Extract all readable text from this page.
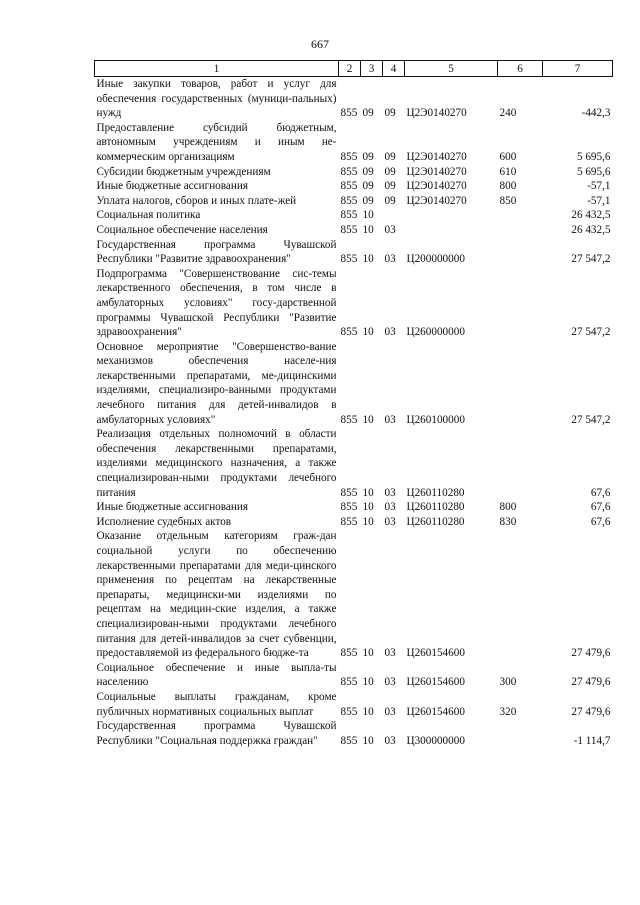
667
1	2	3	4	5	6	7
Иные закупки товаров, работ и услуг для обеспечения государственных (муници-пальных) нужд	855	09	09	Ц2Э0140270	240	-442,3
Предоставление субсидий бюджетным, автономным учреждениям и иным не-коммерческим организациям	855	09	09	Ц2Э0140270	600	5 695,6
Субсидии бюджетным учреждениям	855	09	09	Ц2Э0140270	610	5 695,6
Иные бюджетные ассигнования	855	09	09	Ц2Э0140270	800	-57,1
Уплата налогов, сборов и иных плате-жей	855	09	09	Ц2Э0140270	850	-57,1
Социальная политика	855	10				26 432,5
Социальное обеспечение населения	855	10	03			26 432,5
Государственная программа Чувашской Республики "Развитие здравоохранения"	855	10	03	Ц200000000		27 547,2
Подпрограмма "Совершенствование сис-темы лекарственного обеспечения, в том числе в амбулаторных условиях" госу-дарственной программы Чувашской Республики "Развитие здравоохранения"	855	10	03	Ц260000000		27 547,2
Основное мероприятие "Совершенство-вание механизмов обеспечения населе-ния лекарственными препаратами, ме-дицинскими изделиями, специализиро-ванными продуктами лечебного питания для детей-инвалидов в амбулаторных условиях"	855	10	03	Ц260100000		27 547,2
Реализация отдельных полномочий в области обеспечения лекарственными препаратами, изделиями медицинского назначения, а также специализирован-ными продуктами лечебного питания	855	10	03	Ц260110280		67,6
Иные бюджетные ассигнования	855	10	03	Ц260110280	800	67,6
Исполнение судебных актов	855	10	03	Ц260110280	830	67,6
Оказание отдельным категориям граж-дан социальной услуги по обеспечению лекарственными препаратами для меди-цинского применения по рецептам на лекарственные препараты, медицински-ми изделиями по рецептам на медицин-ские изделия, а также специализирован-ными продуктами лечебного питания для детей-инвалидов за счет субвенции, предоставляемой из федерального бюдже-та	855	10	03	Ц260154600		27 479,6
Социальное обеспечение и иные выпла-ты населению	855	10	03	Ц260154600	300	27 479,6
Социальные выплаты гражданам, кроме публичных нормативных социальных выплат	855	10	03	Ц260154600	320	27 479,6
Государственная программа Чувашской Республики "Социальная поддержка граждан"	855	10	03	Ц300000000		-1 114,7
